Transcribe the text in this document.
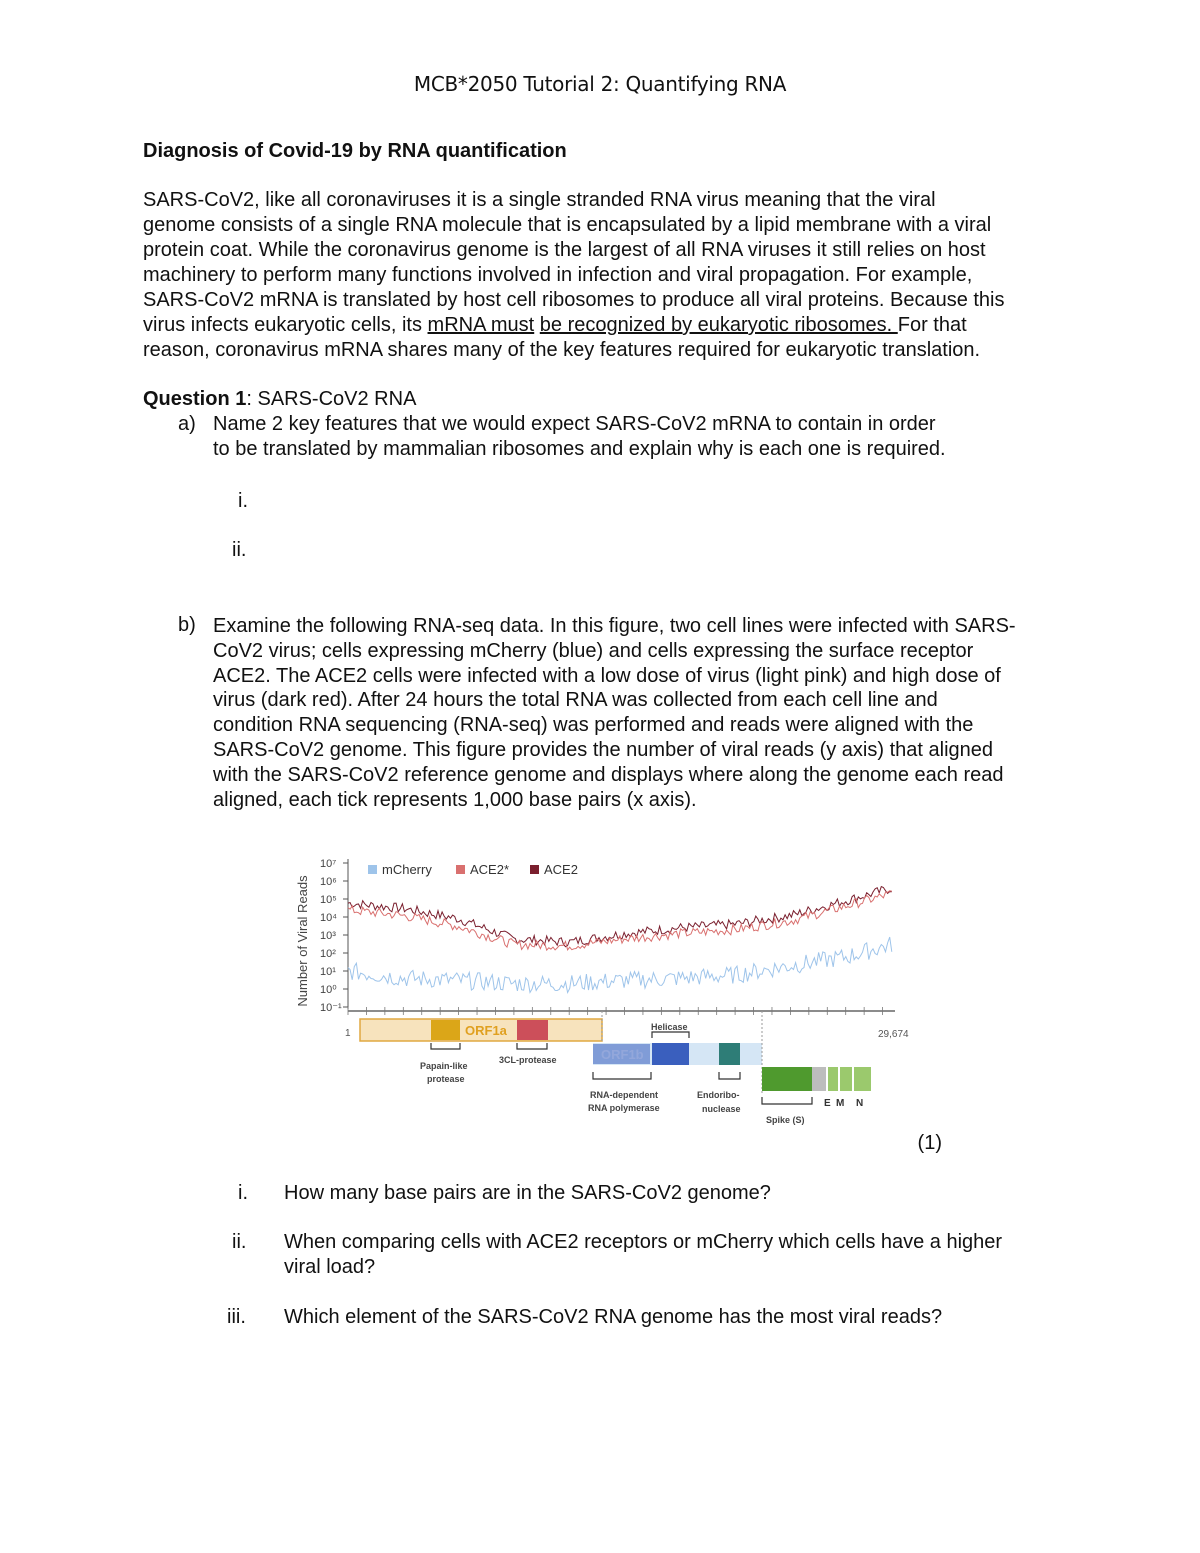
MCB*2050 Tutorial 2: Quantifying RNA
Diagnosis of Covid-19 by RNA quantification

SARS-CoV2, like all coronaviruses it is a single stranded RNA virus meaning that the viral

genome consists of a single RNA molecule that is encapsulated by a lipid membrane with a viral

protein coat. While the coronavirus genome is the largest of all RNA viruses it still relies on host

machinery to perform many functions involved in infection and viral propagation. For example,

SARS-CoV2 mRNA is translated by host cell ribosomes to produce all viral proteins. Because this

virus infects eukaryotic cells, its mRNA must be recognized by eukaryotic ribosomes. For that

reason, coronavirus mRNA shares many of the key features required for eukaryotic translation.

Question 1: SARS-CoV2 RNA
a) Name 2 key features that we would expect SARS-CoV2 mRNA to contain in order
to be translated by mammalian ribosomes and explain why is each one is required.
i.
ii.
b) Examine the following RNA-seq data. In this figure, two cell lines were infected with SARS-
CoV2 virus; cells expressing mCherry (blue) and cells expressing the surface receptor
ACE2. The ACE2 cells were infected with a low dose of virus (light pink) and high dose of
virus (dark red). After 24 hours the total RNA was collected from each cell line and
condition RNA sequencing (RNA-seq) was performed and reads were aligned with the
SARS-CoV2 genome. This figure provides the number of viral reads (y axis) that aligned
with the SARS-CoV2 reference genome and displays where along the genome each read
aligned, each tick represents 1,000 base pairs (x axis).
Number of Viral Reads
10⁷
10⁶
10⁵
10⁴
10³
10²
10¹
10⁰
10⁻¹
mCherry	ACE2*	ACE2
1	29,674
ORF1a
Papain-like
protease
3CL-protease
Helicase
RNA-dependent
RNA polymerase
Endoribo-
nuclease
Spike (S)
E M N
(1)
i. How many base pairs are in the SARS-CoV2 genome?
ii. When comparing cells with ACE2 receptors or mCherry which cells have a higher
viral load?
iii. Which element of the SARS-CoV2 RNA genome has the most viral reads?
